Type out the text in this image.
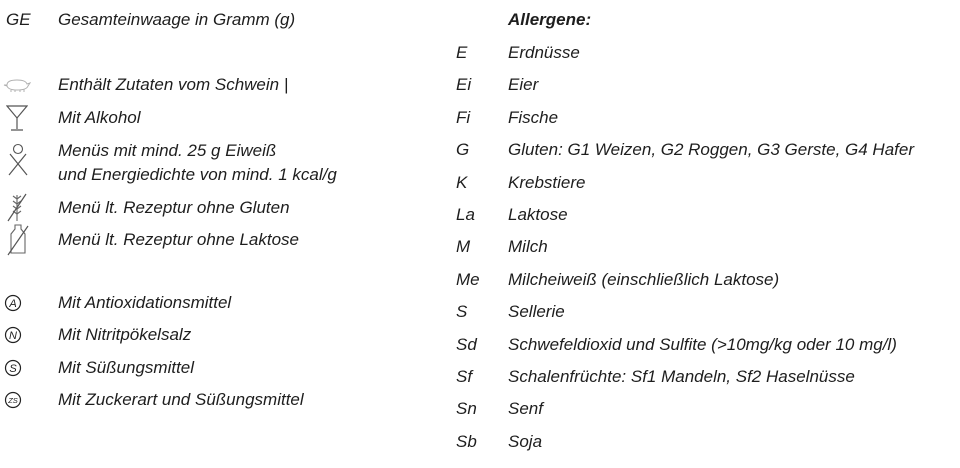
GE Gesamteinwaage in Gramm (g)
Enthält Zutaten vom Schwein |
Mit Alkohol
Menüs mit mind. 25 g Eiweiß
und Energiedichte von mind. 1 kcal/g
Menü lt. Rezeptur ohne Gluten
Menü lt. Rezeptur ohne Laktose
A Mit Antioxidationsmittel
N Mit Nitritpökelsalz
S Mit Süßungsmittel
ZS Mit Zuckerart und Süßungsmittel
Allergene:
E Erdnüsse
Ei Eier
Fi Fische
G Gluten: G1 Weizen, G2 Roggen, G3 Gerste, G4 Hafer
K Krebstiere
La Laktose
M Milch
Me Milcheiweiß (einschließlich Laktose)
S Sellerie
Sd Schwefeldioxid und Sulfite (>10mg/kg oder 10 mg/l)
Sf Schalenfrüchte: Sf1 Mandeln, Sf2 Haselnüsse
Sn Senf
Sb Soja
